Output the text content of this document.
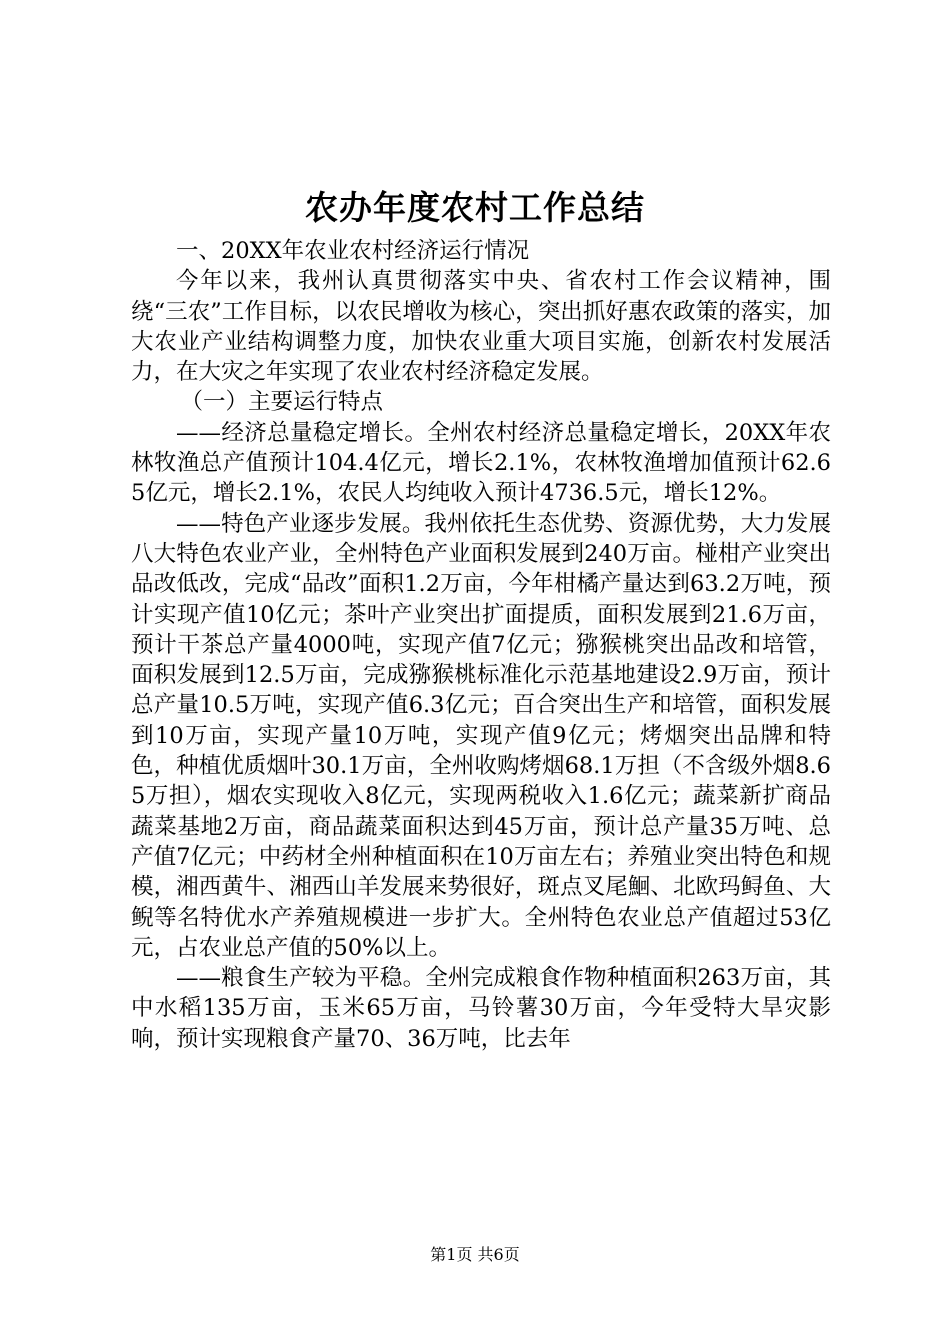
农办年度农村工作总结

一、20XX年农业农村经济运行情况

今年以来，我州认真贯彻落实中央、省农村工作会议精神，围绕“三农”工作目标，以农民增收为核心，突出抓好惠农政策的落实，加大农业产业结构调整力度，加快农业重大项目实施，创新农村发展活力，在大灾之年实现了农业农村经济稳定发展。

（一）主要运行特点

——经济总量稳定增长。全州农村经济总量稳定增长，20XX年农林牧渔总产值预计104.4亿元，增长2.1%，农林牧渔增加值预计62.65亿元，增长2.1%，农民人均纯收入预计4736.5元，增长12%。

——特色产业逐步发展。我州依托生态优势、资源优势，大力发展八大特色农业产业，全州特色产业面积发展到240万亩。椪柑产业突出品改低改，完成“品改”面积1.2万亩，今年柑橘产量达到63.2万吨，预计实现产值10亿元；茶叶产业突出扩面提质，面积发展到21.6万亩，预计干茶总产量4000吨，实现产值7亿元；猕猴桃突出品改和培管，面积发展到12.5万亩，完成猕猴桃标准化示范基地建设2.9万亩，预计总产量10.5万吨，实现产值6.3亿元；百合突出生产和培管，面积发展到10万亩，实现产量10万吨，实现产值9亿元；烤烟突出品牌和特色，种植优质烟叶30.1万亩，全州收购烤烟68.1万担（不含级外烟8.65万担），烟农实现收入8亿元，实现两税收入1.6亿元；蔬菜新扩商品蔬菜基地2万亩，商品蔬菜面积达到45万亩，预计总产量35万吨、总产值7亿元；中药材全州种植面积在10万亩左右；养殖业突出特色和规模，湘西黄牛、湘西山羊发展来势很好，斑点叉尾鮰、北欧玛鲟鱼、大鲵等名特优水产养殖规模进一步扩大。全州特色农业总产值超过53亿元，占农业总产值的50%以上。

——粮食生产较为平稳。全州完成粮食作物种植面积263万亩，其中水稻135万亩，玉米65万亩，马铃薯30万亩，今年受特大旱灾影响，预计实现粮食产量70、36万吨，比去年

第1页 共6页
